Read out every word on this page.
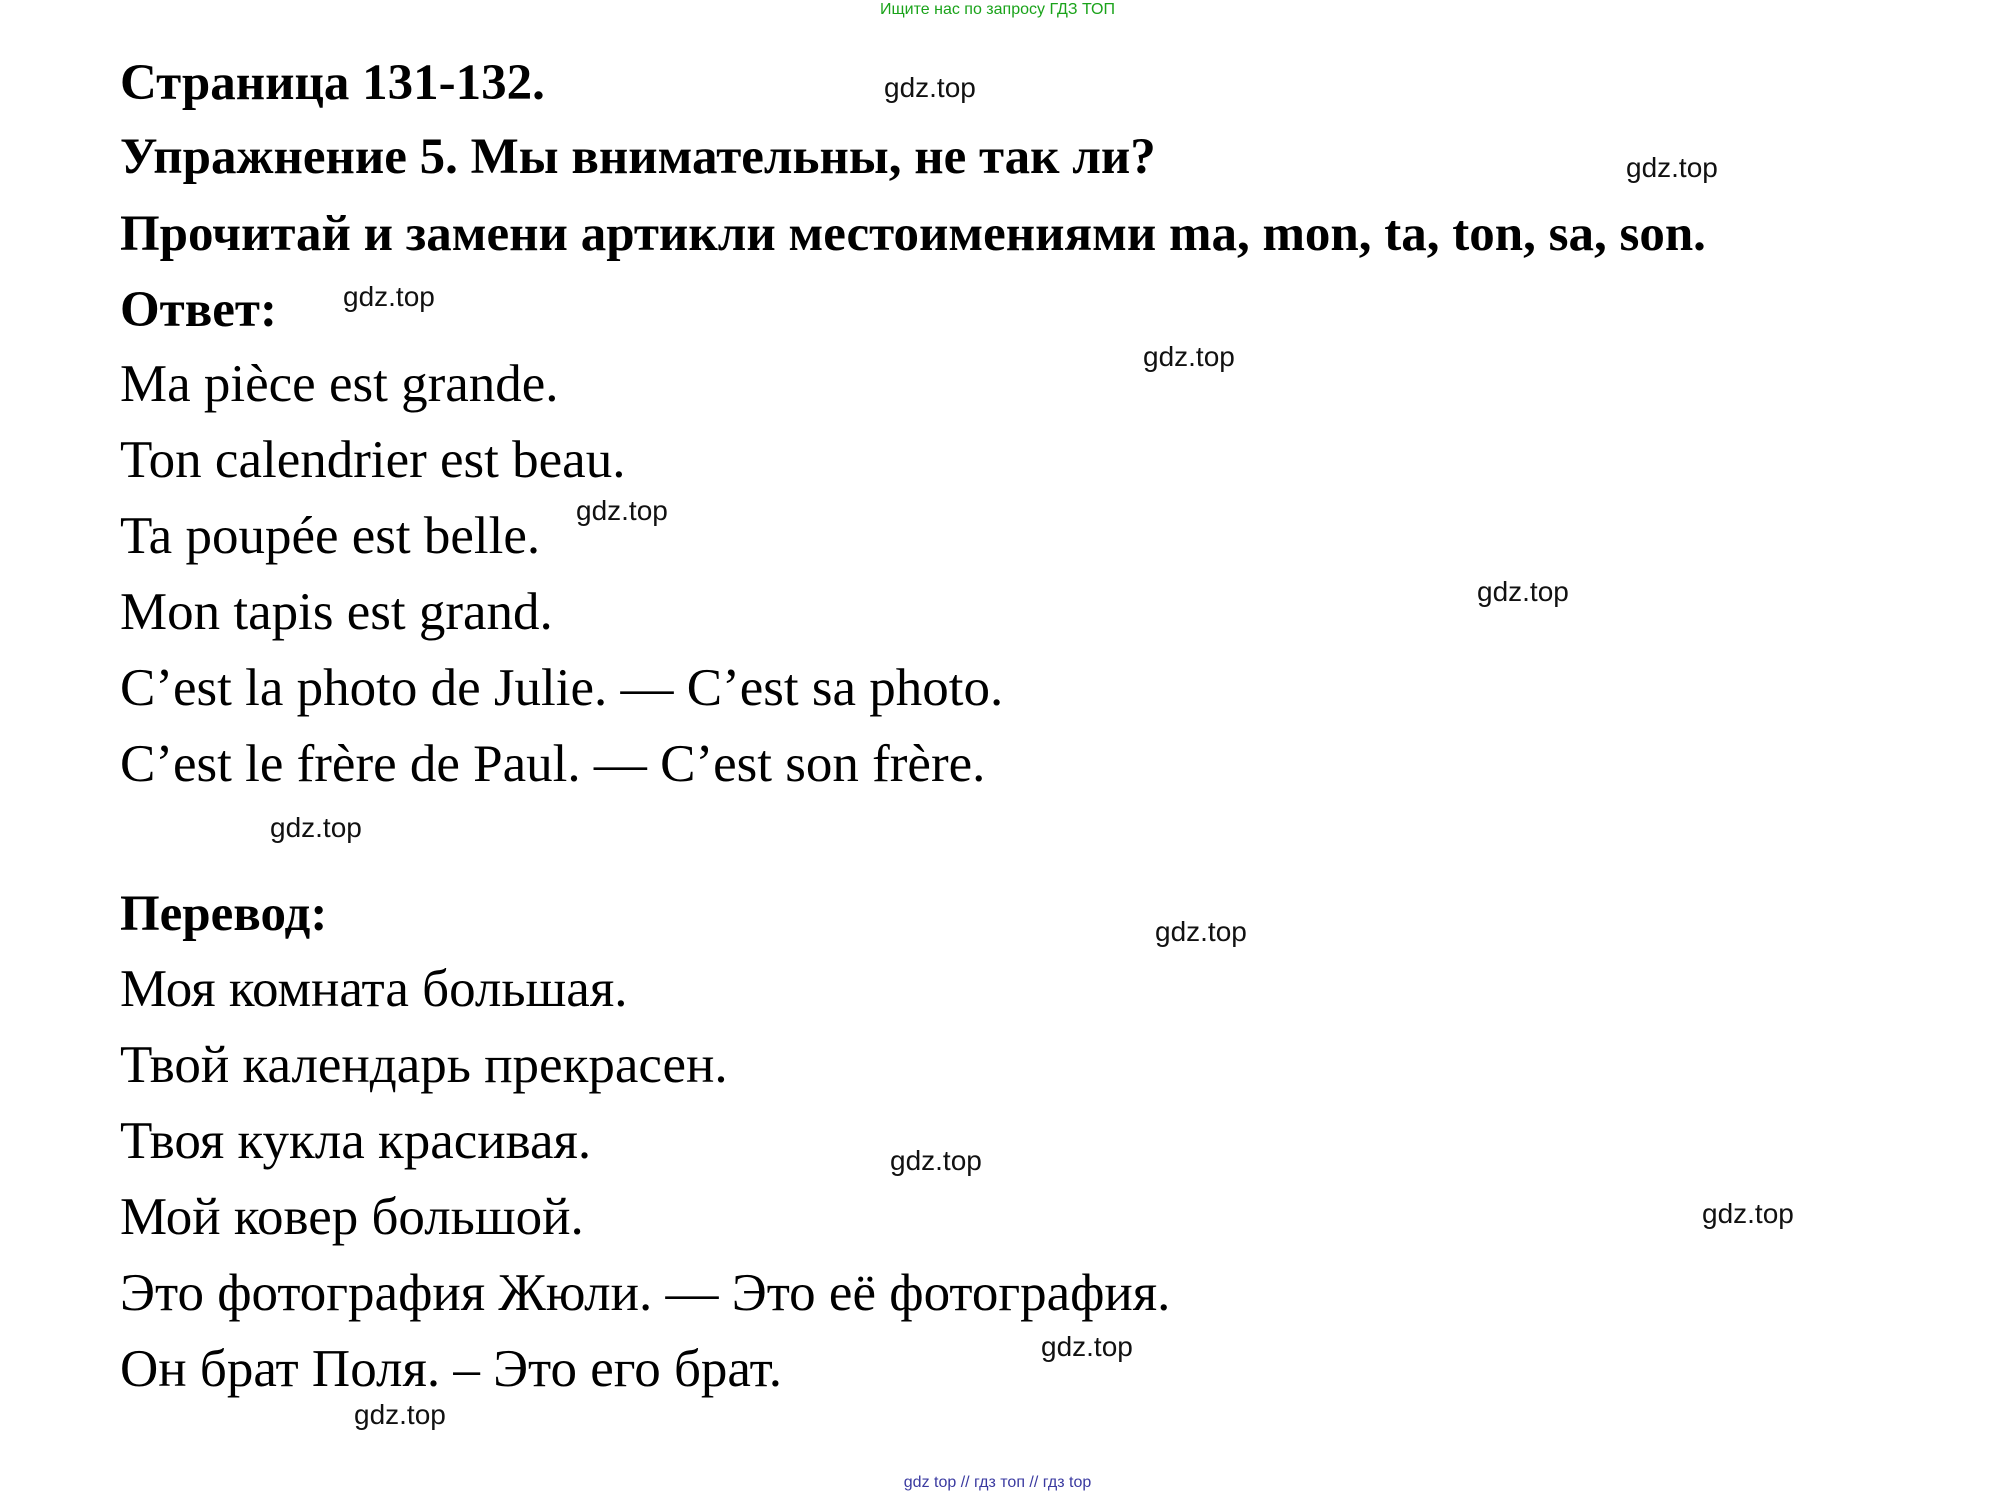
Ищите нас по запросу ГДЗ ТОП
Страница 131-132.
Упражнение 5. Мы внимательны, не так ли?
Прочитай и замени артикли местоимениями ma, mon, ta, ton, sa, son.
Ответ:
Ma pièce est grande.
Ton calendrier est beau.
Ta poupée est belle.
Mon tapis est grand.
C’est la photo de Julie. — C’est sa photo.
C’est le frère de Paul. — C’est son frère.
Перевод:
Моя комната большая.
Твой календарь прекрасен.
Твоя кукла красивая.
Мой ковер большой.
Это фотография Жюли. — Это её фотография.
Он брат Поля. – Это его брат.
gdz.top
gdz.top
gdz.top
gdz.top
gdz.top
gdz.top
gdz.top
gdz.top
gdz.top
gdz.top
gdz.top
gdz.top
gdz top // гдз топ // гдз top
